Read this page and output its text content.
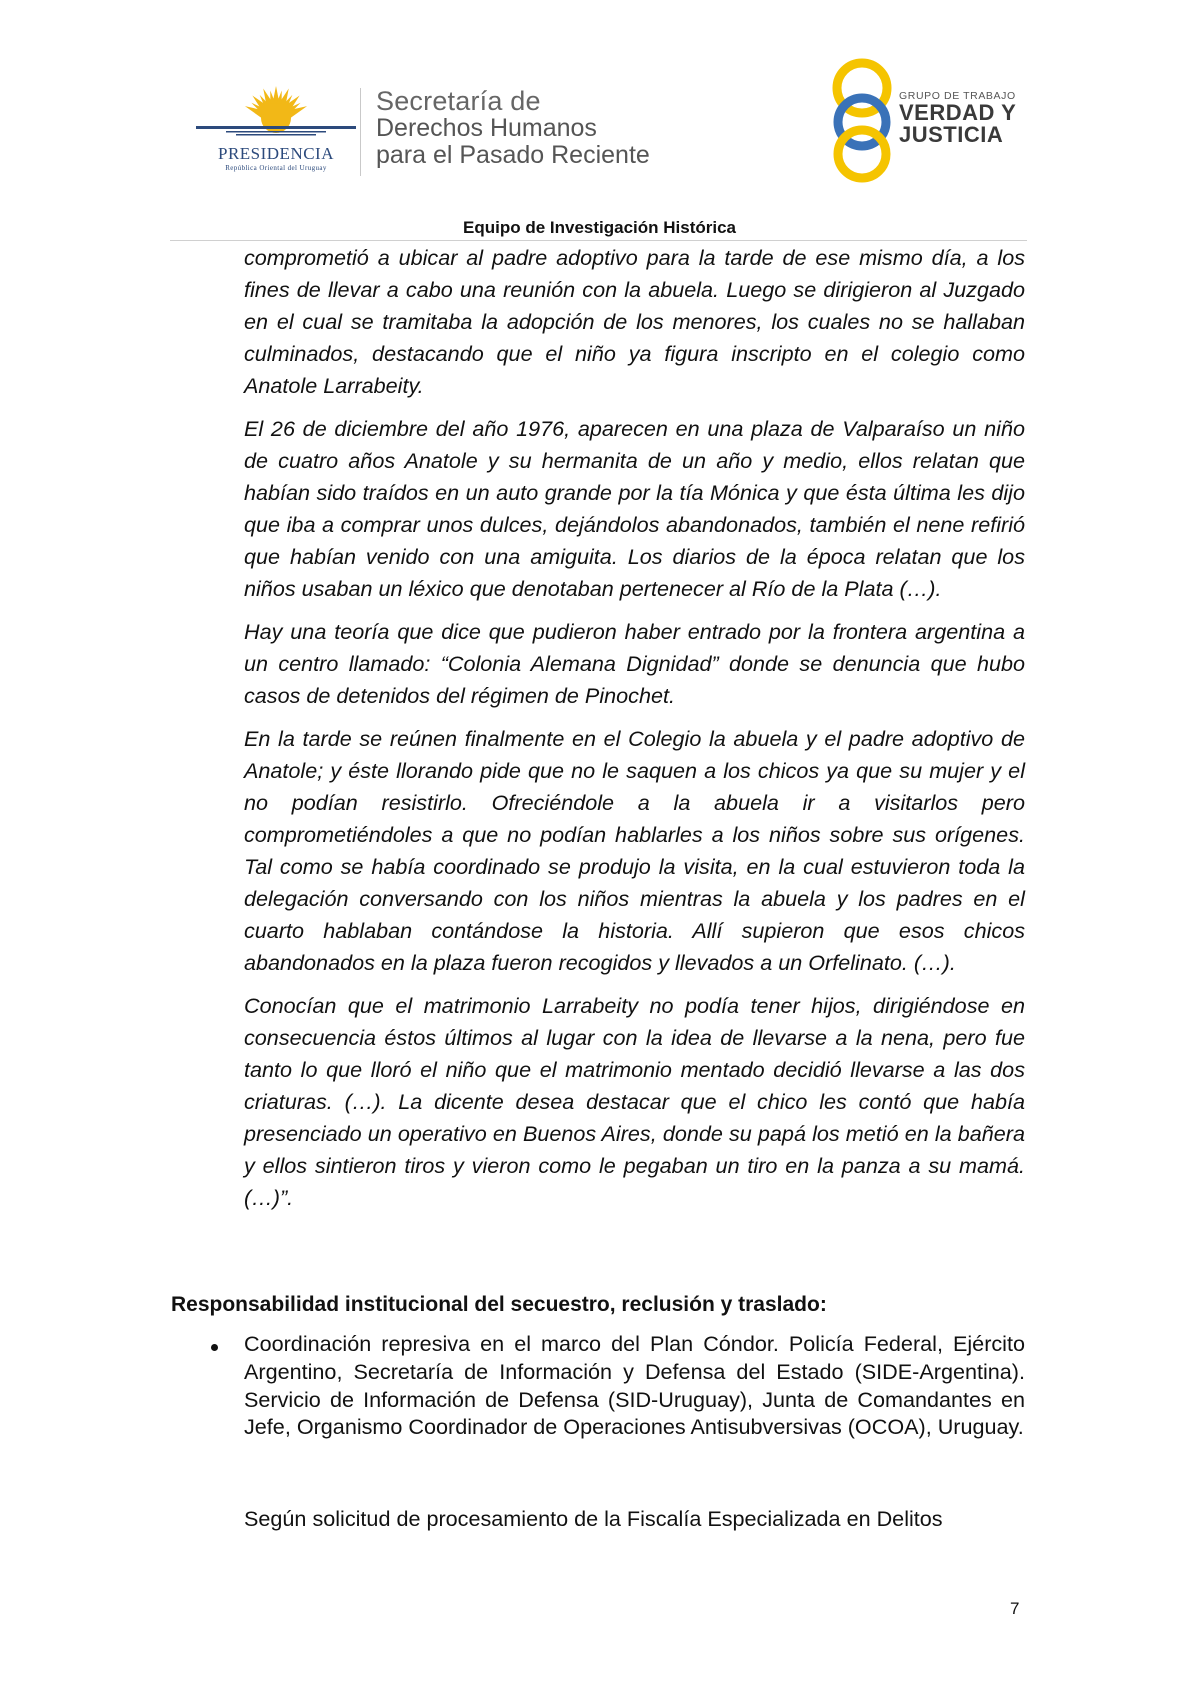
PRESIDENCIA
República Oriental del Uruguay
Secretaría de
Derechos Humanos
para el Pasado Reciente
GRUPO DE TRABAJO
VERDAD Y
JUSTICIA
Equipo de Investigación Histórica

comprometió a ubicar al padre adoptivo para la tarde de ese mismo día, a los fines de llevar a cabo una reunión con la abuela. Luego se dirigieron al Juzgado en el cual se tramitaba la adopción de los menores, los cuales no se hallaban culminados, destacando que el niño ya figura inscripto en el colegio como Anatole Larrabeity.

El 26 de diciembre del año 1976, aparecen en una plaza de Valparaíso un niño de cuatro años Anatole y su hermanita de un año y medio, ellos relatan que habían sido traídos en un auto grande por la tía Mónica y que ésta última les dijo que iba a comprar unos dulces, dejándolos abandonados, también el nene refirió que habían venido con una amiguita. Los diarios de la época relatan que los niños usaban un léxico que denotaban pertenecer al Río de la Plata (…).

Hay una teoría que dice que pudieron haber entrado por la frontera argentina a un centro llamado: “Colonia Alemana Dignidad” donde se denuncia que hubo casos de detenidos del régimen de Pinochet.

En la tarde se reúnen finalmente en el Colegio la abuela y el padre adoptivo de Anatole; y éste llorando pide que no le saquen a los chicos ya que su mujer y el no podían resistirlo. Ofreciéndole a la abuela ir a visitarlos pero comprometiéndoles a que no podían hablarles a los niños sobre sus orígenes. Tal como se había coordinado se produjo la visita, en la cual estuvieron toda la delegación conversando con los niños mientras la abuela y los padres en el cuarto hablaban contándose la historia. Allí supieron que esos chicos abandonados en la plaza fueron recogidos y llevados a un Orfelinato. (…).

Conocían que el matrimonio Larrabeity no podía tener hijos, dirigiéndose en consecuencia éstos últimos al lugar con la idea de llevarse a la nena, pero fue tanto lo que lloró el niño que el matrimonio mentado decidió llevarse a las dos criaturas. (…). La dicente desea destacar que el chico les contó que había presenciado un operativo en Buenos Aires, donde su papá los metió en la bañera y ellos sintieron tiros y vieron como le pegaban un tiro en la panza a su mamá. (…)”.

Responsabilidad institucional del secuestro, reclusión y traslado:

Coordinación represiva en el marco del Plan Cóndor. Policía Federal, Ejército Argentino, Secretaría de Información y Defensa del Estado (SIDE-Argentina). Servicio de Información de Defensa (SID-Uruguay), Junta de Comandantes en Jefe, Organismo Coordinador de Operaciones Antisubversivas (OCOA), Uruguay.

Según solicitud de procesamiento de la Fiscalía Especializada en Delitos

7
